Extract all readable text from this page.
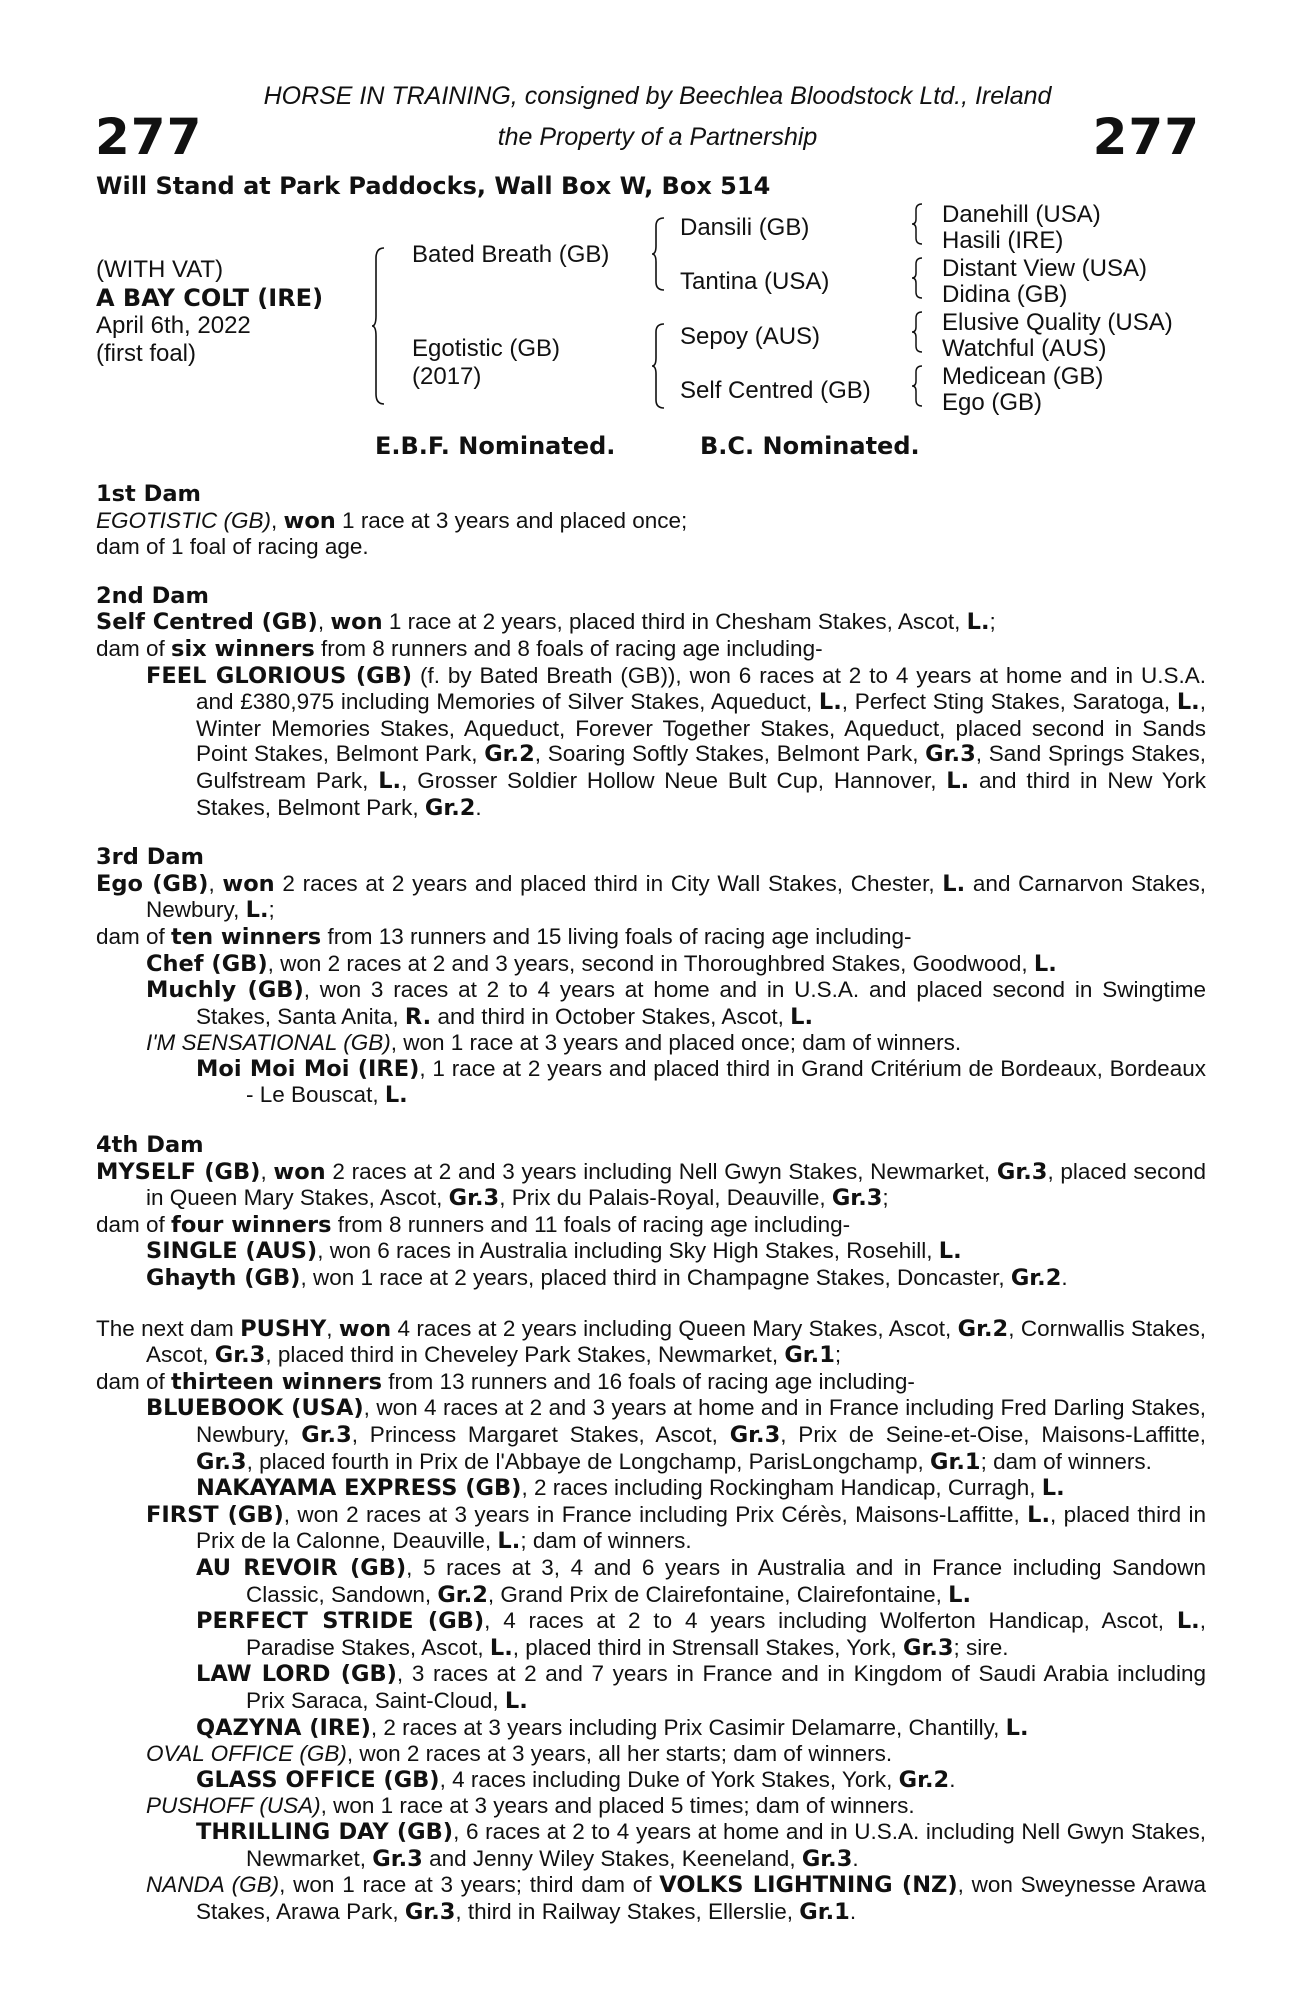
277	277
HORSE IN TRAINING, consigned by Beechlea Bloodstock Ltd., Ireland
the Property of a Partnership
Will Stand at Park Paddocks, Wall Box W, Box 514
(WITH VAT)
A BAY COLT (IRE)
April 6th, 2022
(first foal)
Bated Breath (GB)
Egotistic (GB)
(2017)
Dansili (GB)
Tantina (USA)
Sepoy (AUS)
Self Centred (GB)
Danehill (USA)
Hasili (IRE)
Distant View (USA)
Didina (GB)
Elusive Quality (USA)
Watchful (AUS)
Medicean (GB)
Ego (GB)
E.B.F. Nominated.	B.C. Nominated.
1st Dam
EGOTISTIC (GB), won 1 race at 3 years and placed once;
dam of 1 foal of racing age.
2nd Dam
Self Centred (GB), won 1 race at 2 years, placed third in Chesham Stakes, Ascot, L.;
dam of six winners from 8 runners and 8 foals of racing age including-
FEEL GLORIOUS (GB) (f. by Bated Breath (GB)), won 6 races at 2 to 4 years at home and in U.S.A. and £380,975 including Memories of Silver Stakes, Aqueduct, L., Perfect Sting Stakes, Saratoga, L., Winter Memories Stakes, Aqueduct, Forever Together Stakes, Aqueduct, placed second in Sands Point Stakes, Belmont Park, Gr.2, Soaring Softly Stakes, Belmont Park, Gr.3, Sand Springs Stakes, Gulfstream Park, L., Grosser Soldier Hollow Neue Bult Cup, Hannover, L. and third in New York Stakes, Belmont Park, Gr.2.
3rd Dam
Ego (GB), won 2 races at 2 years and placed third in City Wall Stakes, Chester, L. and Carnarvon Stakes, Newbury, L.;
dam of ten winners from 13 runners and 15 living foals of racing age including-
Chef (GB), won 2 races at 2 and 3 years, second in Thoroughbred Stakes, Goodwood, L.
Muchly (GB), won 3 races at 2 to 4 years at home and in U.S.A. and placed second in Swingtime Stakes, Santa Anita, R. and third in October Stakes, Ascot, L.
I'M SENSATIONAL (GB), won 1 race at 3 years and placed once; dam of winners.
Moi Moi Moi (IRE), 1 race at 2 years and placed third in Grand Critérium de Bordeaux, Bordeaux - Le Bouscat, L.
4th Dam
MYSELF (GB), won 2 races at 2 and 3 years including Nell Gwyn Stakes, Newmarket, Gr.3, placed second in Queen Mary Stakes, Ascot, Gr.3, Prix du Palais-Royal, Deauville, Gr.3;
dam of four winners from 8 runners and 11 foals of racing age including-
SINGLE (AUS), won 6 races in Australia including Sky High Stakes, Rosehill, L.
Ghayth (GB), won 1 race at 2 years, placed third in Champagne Stakes, Doncaster, Gr.2.
The next dam PUSHY, won 4 races at 2 years including Queen Mary Stakes, Ascot, Gr.2, Cornwallis Stakes, Ascot, Gr.3, placed third in Cheveley Park Stakes, Newmarket, Gr.1;
dam of thirteen winners from 13 runners and 16 foals of racing age including-
BLUEBOOK (USA), won 4 races at 2 and 3 years at home and in France including Fred Darling Stakes, Newbury, Gr.3, Princess Margaret Stakes, Ascot, Gr.3, Prix de Seine-et-Oise, Maisons-Laffitte, Gr.3, placed fourth in Prix de l'Abbaye de Longchamp, ParisLongchamp, Gr.1; dam of winners.
NAKAYAMA EXPRESS (GB), 2 races including Rockingham Handicap, Curragh, L.
FIRST (GB), won 2 races at 3 years in France including Prix Cérès, Maisons-Laffitte, L., placed third in Prix de la Calonne, Deauville, L.; dam of winners.
AU REVOIR (GB), 5 races at 3, 4 and 6 years in Australia and in France including Sandown Classic, Sandown, Gr.2, Grand Prix de Clairefontaine, Clairefontaine, L.
PERFECT STRIDE (GB), 4 races at 2 to 4 years including Wolferton Handicap, Ascot, L., Paradise Stakes, Ascot, L., placed third in Strensall Stakes, York, Gr.3; sire.
LAW LORD (GB), 3 races at 2 and 7 years in France and in Kingdom of Saudi Arabia including Prix Saraca, Saint-Cloud, L.
QAZYNA (IRE), 2 races at 3 years including Prix Casimir Delamarre, Chantilly, L.
OVAL OFFICE (GB), won 2 races at 3 years, all her starts; dam of winners.
GLASS OFFICE (GB), 4 races including Duke of York Stakes, York, Gr.2.
PUSHOFF (USA), won 1 race at 3 years and placed 5 times; dam of winners.
THRILLING DAY (GB), 6 races at 2 to 4 years at home and in U.S.A. including Nell Gwyn Stakes, Newmarket, Gr.3 and Jenny Wiley Stakes, Keeneland, Gr.3.
NANDA (GB), won 1 race at 3 years; third dam of VOLKS LIGHTNING (NZ), won Sweynesse Arawa Stakes, Arawa Park, Gr.3, third in Railway Stakes, Ellerslie, Gr.1.
